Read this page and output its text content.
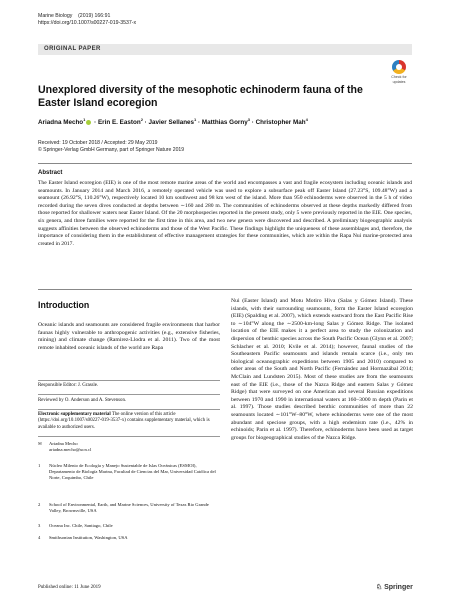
Marine Biology (2019) 166:91
https://doi.org/10.1007/s00227-019-3537-x
ORIGINAL PAPER
Check for
updates
Unexplored diversity of the mesophotic echinoderm fauna of the Easter Island ecoregion
Ariadna Mecho$^1$ · Erin E. Easton$^2$ · Javier Sellanes$^1$ · Matthias Gorny$^3$ · Christopher Mah$^4$
Received: 19 October 2018 / Accepted: 29 May 2019
© Springer-Verlag GmbH Germany, part of Springer Nature 2019
Abstract
The Easter Island ecoregion (EIE) is one of the most remote marine areas of the world and encompasses a vast and fragile ecosystem including oceanic islands and seamounts. In January 2014 and March 2016, a remotely operated vehicle was used to explore a subsurface peak off Easter Island (27.23°S, 109.48°W) and a seamount (26.92°S, 110.26°W), respectively located 10 km southwest and 98 km west of the island. More than 950 echinoderms were observed in the 5 h of video recorded during the seven dives conducted at depths between ∼160 and 280 m. The communities of echinoderms observed at these depths markedly differed from those reported for shallower waters near Easter Island. Of the 20 morphospecies reported in the present study, only 5 were previously reported in the EIE. One species, six genera, and three families were reported for the first time in this area, and two new genera were discovered and described. A preliminary biogeographic analysis suggests affinities between the observed echinoderms and those of the West Pacific. These findings highlight the uniqueness of these assemblages and, therefore, the importance of considering them in the establishment of effective management strategies for these communities, which are within the Rapa Nui marine-protected area created in 2017.
Introduction
Oceanic islands and seamounts are considered fragile environments that harbor faunas highly vulnerable to anthropogenic activities (e.g., extensive fisheries, mining) and climate change (Ramirez-Llodra et al. 2011). Two of the most remote inhabited oceanic islands of the world are Rapa
Nui (Easter Island) and Motu Motiro Hiva (Salas y Gómez Island). These islands, with their surrounding seamounts, form the Easter Island ecoregion (EIE) (Spalding et al. 2007), which extends eastward from the East Pacific Rise to ∼104°W along the ∼2500-km-long Salas y Gómez Ridge. The isolated location of the EIE makes it a perfect area to study the colonization and dispersion of benthic species across the South Pacific Ocean (Glynn et al. 2007; Schlacher et al. 2010; Kvile et al. 2014); however, faunal studies of the Southeastern Pacific seamounts and islands remain scarce (i.e., only ten biological oceanographic expeditions between 1905 and 2010) compared to other areas of the South and North Pacific (Fernández and Hormazábal 2014; McClain and Lundsten 2015). Most of these studies are from the seamounts east of the EIE (i.e., those of the Nazca Ridge and eastern Salas y Gómez Ridge) that were surveyed on one American and several Russian expeditions between 1970 and 1990 in international waters at 160–3000 m depth (Parin et al. 1997). Those studies described benthic communities of more than 22 seamounts located ∼101°W–80°W, where echinoderms were one of the most abundant and speciose groups, with a high endemism rate (i.e., 42% in echinoids; Parin et al. 1997). Therefore, echinoderms have been used as target groups for biogeographical studies of the Nazca Ridge.
Responsible Editor: J. Grassle.
Reviewed by O. Anderson and A. Stevenson.
Electronic supplementary material The online version of this article (https://doi.org/10.1007/s00227-019-3537-x) contains supplementary material, which is available to authorized users.
✉ Ariadna Mecho
ariadna.mecho@ucn.cl
1 Núcleo Milenio de Ecología y Manejo Sustentable de Islas Oceánicas (ESMOI), Departamento de Biología Marina, Facultad de Ciencias del Mar, Universidad Católica del Norte, Coquimbo, Chile
2 School of Environmental, Earth, and Marine Sciences, University of Texas Rio Grande Valley, Brownsville, USA
3 Oceana Inc. Chile, Santiago, Chile
4 Smithsonian Institution, Washington, USA
Published online: 11 June 2019	♘ Springer
